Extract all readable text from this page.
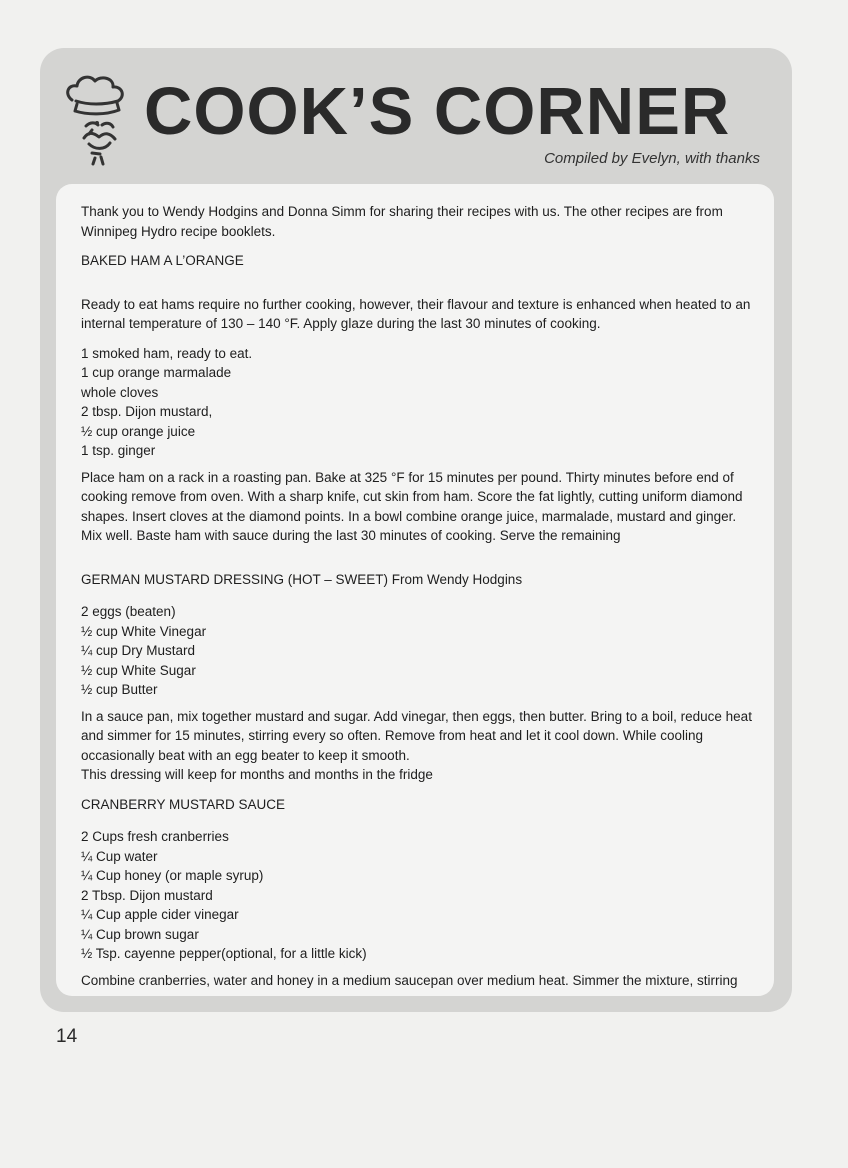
COOK’S CORNER
Compiled by Evelyn, with thanks

Thank you to Wendy Hodgins and Donna Simm for sharing their recipes with us. The other recipes are from Winnipeg Hydro recipe booklets.

BAKED HAM A L’ORANGE

Ready to eat hams require no further cooking, however, their flavour and texture is enhanced when heated to an internal temperature of 130 – 140 °F. Apply glaze during the last 30 minutes of cooking.

1 smoked ham, ready to eat.
1 cup orange marmalade
whole cloves
2 tbsp. Dijon mustard,
½ cup orange juice
1 tsp. ginger

Place ham on a rack in a roasting pan. Bake at 325 °F for 15 minutes per pound. Thirty minutes before end of cooking remove from oven. With a sharp knife, cut skin from ham. Score the fat lightly, cutting uniform diamond shapes. Insert cloves at the diamond points. In a bowl combine orange juice, marmalade, mustard and ginger. Mix well. Baste ham with sauce during the last 30 minutes of cooking. Serve the remaining

GERMAN MUSTARD DRESSING (HOT – SWEET) From Wendy Hodgins

2 eggs (beaten)
½ cup White Vinegar
¼ cup Dry Mustard
½ cup White Sugar
½ cup Butter

In a sauce pan, mix together mustard and sugar. Add vinegar, then eggs, then butter. Bring to a boil, reduce heat and simmer for 15 minutes, stirring every so often. Remove from heat and let it cool down. While cooling occasionally beat with an egg beater to keep it smooth.

This dressing will keep for months and months in the fridge

CRANBERRY MUSTARD SAUCE

2 Cups fresh cranberries
¼ Cup water
¼ Cup honey (or maple syrup)
2 Tbsp. Dijon mustard
¼ Cup apple cider vinegar
¼ Cup brown sugar
½ Tsp. cayenne pepper(optional, for a little kick)

Combine cranberries, water and honey in a medium saucepan over medium heat. Simmer the mixture, stirring

14
